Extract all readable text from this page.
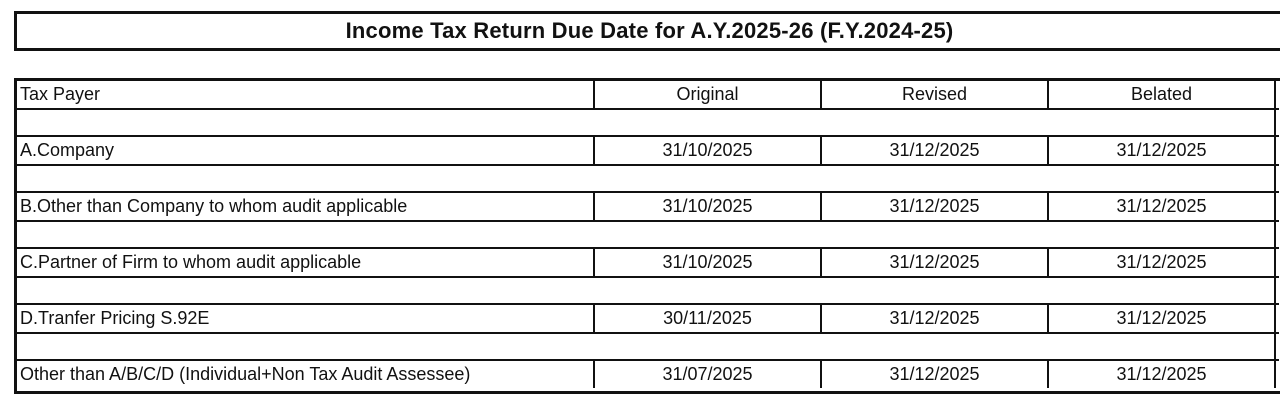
Income Tax Return Due Date for A.Y.2025-26 (F.Y.2024-25)
Tax Payer	Original	Revised	Belated	

A.Company	31/10/2025	31/12/2025	31/12/2025	

B.Other than Company to whom audit applicable	31/10/2025	31/12/2025	31/12/2025	

C.Partner of Firm to whom audit applicable	31/10/2025	31/12/2025	31/12/2025	

D.Tranfer Pricing S.92E	30/11/2025	31/12/2025	31/12/2025	

Other than A/B/C/D (Individual+Non Tax Audit Assessee)	31/07/2025	31/12/2025	31/12/2025	
